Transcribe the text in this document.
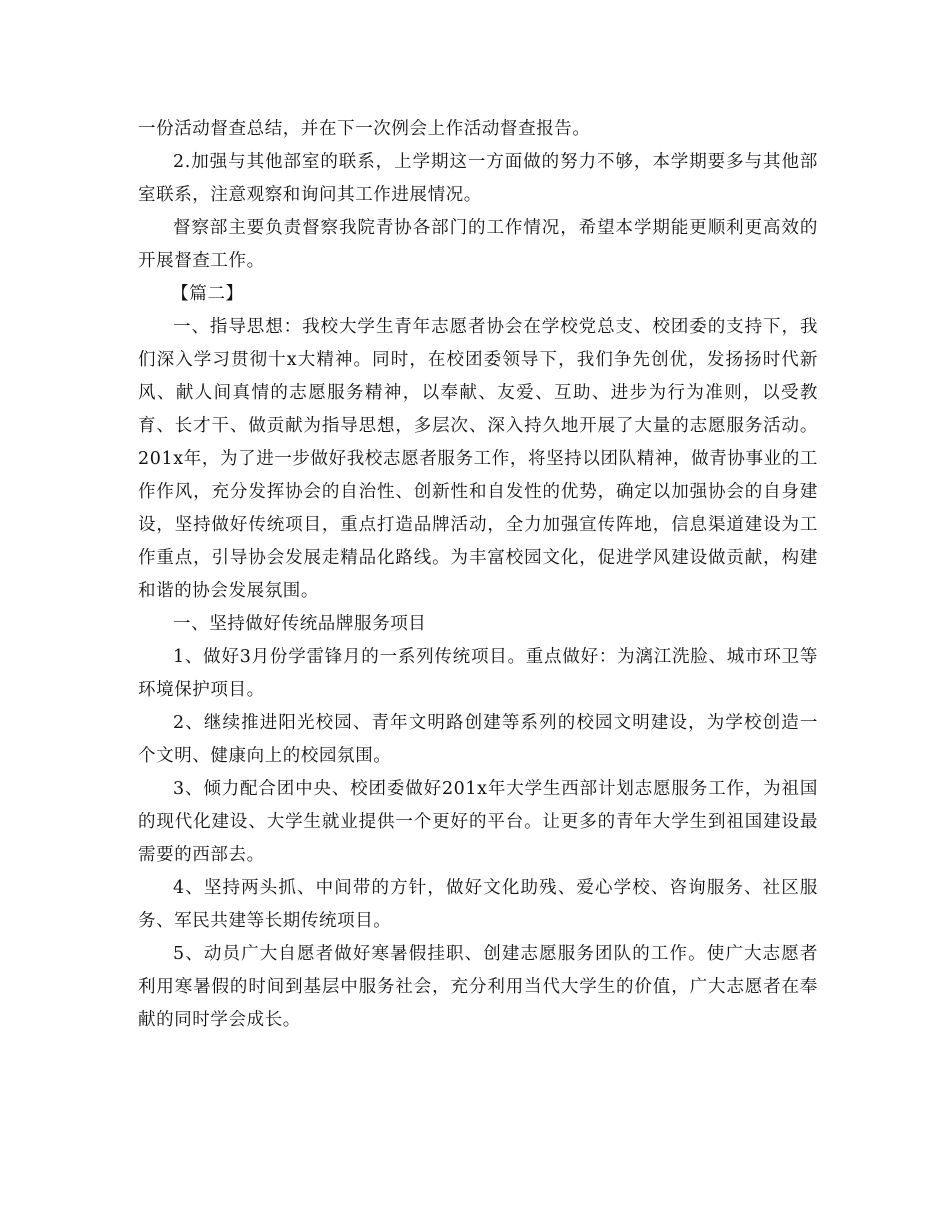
一份活动督查总结，并在下一次例会上作活动督查报告。

2.加强与其他部室的联系，上学期这一方面做的努力不够，本学期要多与其他部室联系，注意观察和询问其工作进展情况。

督察部主要负责督察我院青协各部门的工作情况，希望本学期能更顺利更高效的开展督查工作。

【篇二】

一、指导思想：我校大学生青年志愿者协会在学校党总支、校团委的支持下，我们深入学习贯彻十x大精神。同时，在校团委领导下，我们争先创优，发扬扬时代新风、献人间真情的志愿服务精神，以奉献、友爱、互助、进步为行为准则，以受教育、长才干、做贡献为指导思想，多层次、深入持久地开展了大量的志愿服务活动。201x年，为了进一步做好我校志愿者服务工作，将坚持以团队精神，做青协事业的工作作风，充分发挥协会的自治性、创新性和自发性的优势，确定以加强协会的自身建设，坚持做好传统项目，重点打造品牌活动，全力加强宣传阵地，信息渠道建设为工作重点，引导协会发展走精品化路线。为丰富校园文化，促进学风建设做贡献，构建和谐的协会发展氛围。

一、坚持做好传统品牌服务项目

1、做好3月份学雷锋月的一系列传统项目。重点做好：为漓江洗脸、城市环卫等环境保护项目。

2、继续推进阳光校园、青年文明路创建等系列的校园文明建设，为学校创造一个文明、健康向上的校园氛围。

3、倾力配合团中央、校团委做好201x年大学生西部计划志愿服务工作，为祖国的现代化建设、大学生就业提供一个更好的平台。让更多的青年大学生到祖国建设最需要的西部去。

4、坚持两头抓、中间带的方针，做好文化助残、爱心学校、咨询服务、社区服务、军民共建等长期传统项目。

5、动员广大自愿者做好寒暑假挂职、创建志愿服务团队的工作。使广大志愿者利用寒暑假的时间到基层中服务社会，充分利用当代大学生的价值，广大志愿者在奉献的同时学会成长。
